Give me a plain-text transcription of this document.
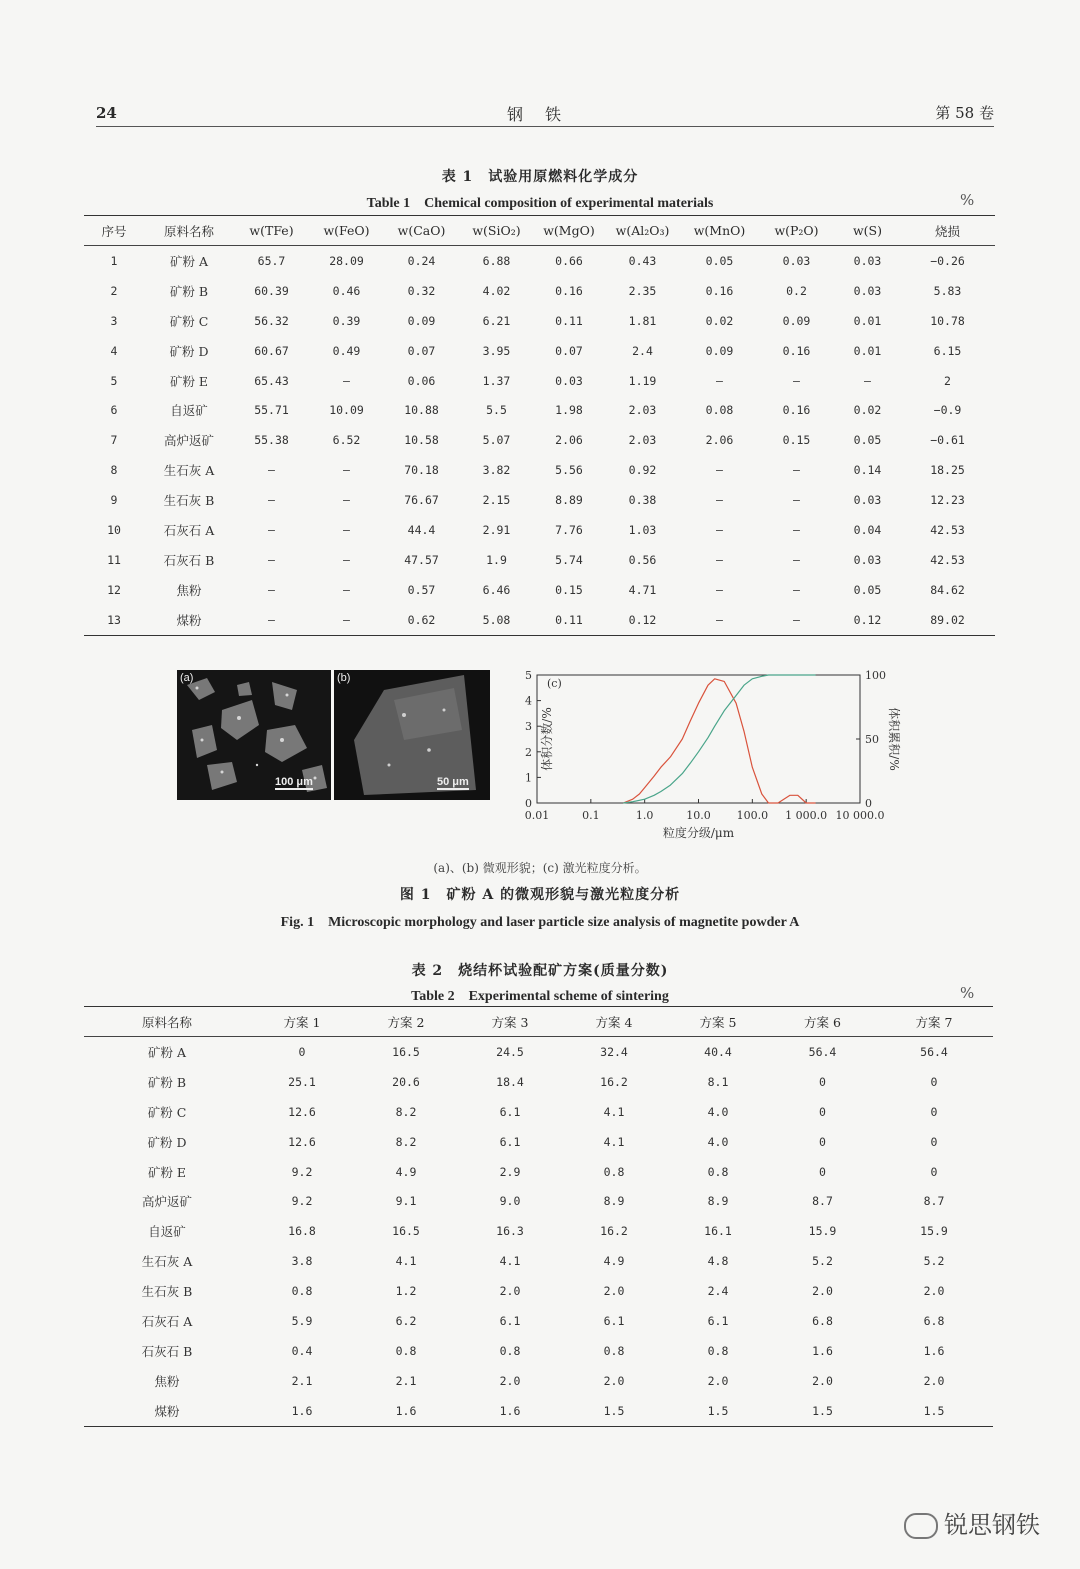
24	钢铁	第 58 卷
表 1　试验用原燃料化学成分
Table 1　Chemical composition of experimental materials	%
序号	原料名称	w(TFe)	w(FeO)	w(CaO)	w(SiO₂)	w(MgO)	w(Al₂O₃)	w(MnO)	w(P₂O)	w(S)	烧损
1	矿粉 A	65.7	28.09	0.24	6.88	0.66	0.43	0.05	0.03	0.03	−0.26
2	矿粉 B	60.39	0.46	0.32	4.02	0.16	2.35	0.16	0.2	0.03	5.83
3	矿粉 C	56.32	0.39	0.09	6.21	0.11	1.81	0.02	0.09	0.01	10.78
4	矿粉 D	60.67	0.49	0.07	3.95	0.07	2.4	0.09	0.16	0.01	6.15
5	矿粉 E	65.43	—	0.06	1.37	0.03	1.19	—	—	—	2
6	自返矿	55.71	10.09	10.88	5.5	1.98	2.03	0.08	0.16	0.02	−0.9
7	高炉返矿	55.38	6.52	10.58	5.07	2.06	2.03	2.06	0.15	0.05	−0.61
8	生石灰 A	—	—	70.18	3.82	5.56	0.92	—	—	0.14	18.25
9	生石灰 B	—	—	76.67	2.15	8.89	0.38	—	—	0.03	12.23
10	石灰石 A	—	—	44.4	2.91	7.76	1.03	—	—	0.04	42.53
11	石灰石 B	—	—	47.57	1.9	5.74	0.56	—	—	0.03	42.53
12	焦粉	—	—	0.57	6.46	0.15	4.71	—	—	0.05	84.62
13	煤粉	—	—	0.62	5.08	0.11	0.12	—	—	0.12	89.02
(a)
100 μm
(b)
50 μm
0.01	0.1	1.0	10.0 100.0 1 000.0 10 000.0
0
1
2
3
4
5
0
50
100
粒度分级/μm
体积分数/%	体积累积/%
(c)
(a)、(b) 微观形貌；(c) 激光粒度分析。
图 1　矿粉 A 的微观形貌与激光粒度分析
Fig. 1　Microscopic morphology and laser particle size analysis of magnetite powder A
表 2　烧结杯试验配矿方案(质量分数)
Table 2　Experimental scheme of sintering	%
原料名称	方案 1	方案 2	方案 3	方案 4	方案 5	方案 6	方案 7
矿粉 A	0	16.5	24.5	32.4	40.4	56.4	56.4
矿粉 B	25.1	20.6	18.4	16.2	8.1	0	0
矿粉 C	12.6	8.2	6.1	4.1	4.0	0	0
矿粉 D	12.6	8.2	6.1	4.1	4.0	0	0
矿粉 E	9.2	4.9	2.9	0.8	0.8	0	0
高炉返矿	9.2	9.1	9.0	8.9	8.9	8.7	8.7
自返矿	16.8	16.5	16.3	16.2	16.1	15.9	15.9
生石灰 A	3.8	4.1	4.1	4.9	4.8	5.2	5.2
生石灰 B	0.8	1.2	2.0	2.0	2.4	2.0	2.0
石灰石 A	5.9	6.2	6.1	6.1	6.1	6.8	6.8
石灰石 B	0.4	0.8	0.8	0.8	0.8	1.6	1.6
焦粉	2.1	2.1	2.0	2.0	2.0	2.0	2.0
煤粉	1.6	1.6	1.6	1.5	1.5	1.5	1.5
锐思钢铁
